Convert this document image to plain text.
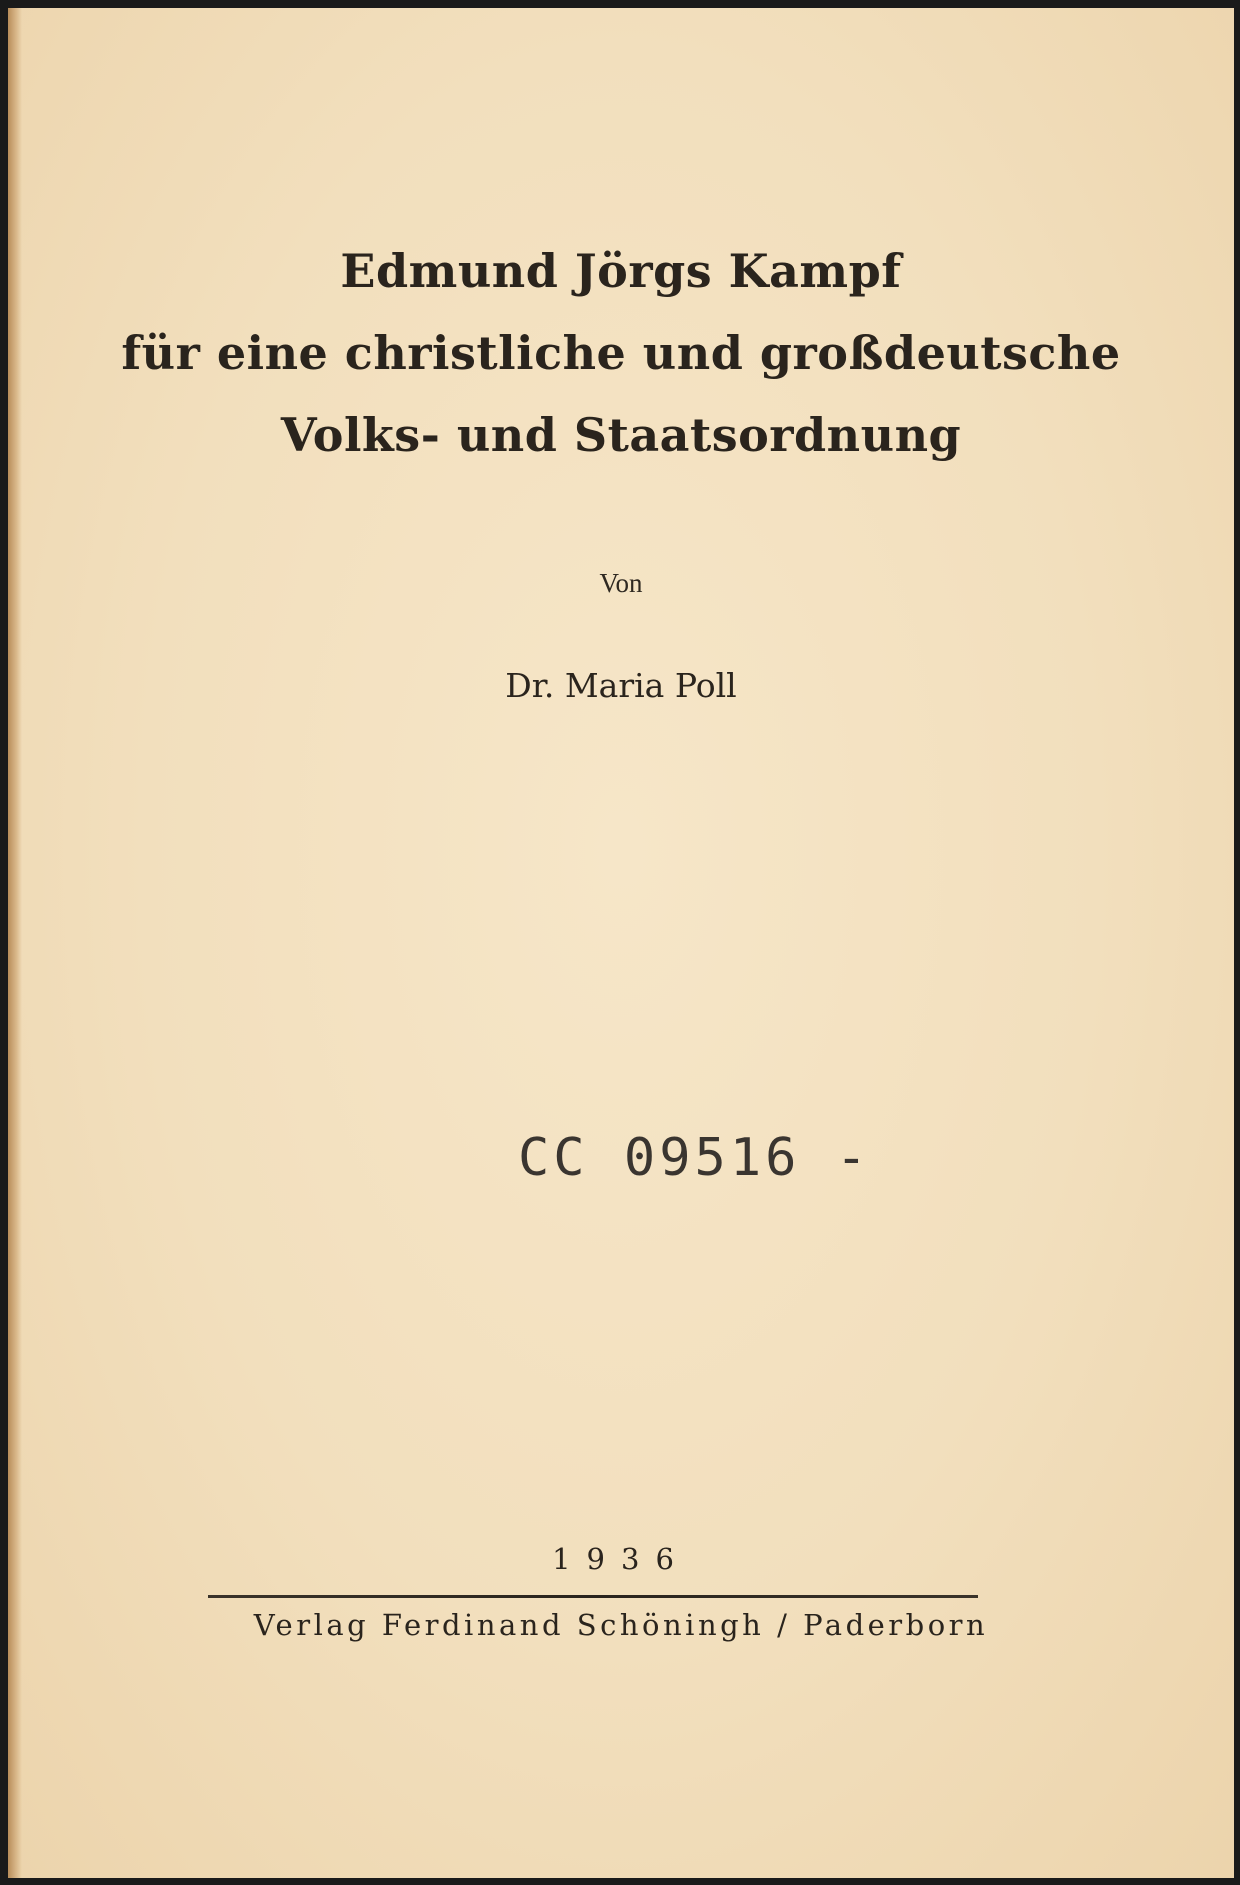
Edmund Jörgs Kampf
für eine christliche und großdeutsche
Volks- und Staatsordnung
Von
Dr. Maria Poll
CC 09516 -
1936
Verlag Ferdinand Schöningh / Paderborn
